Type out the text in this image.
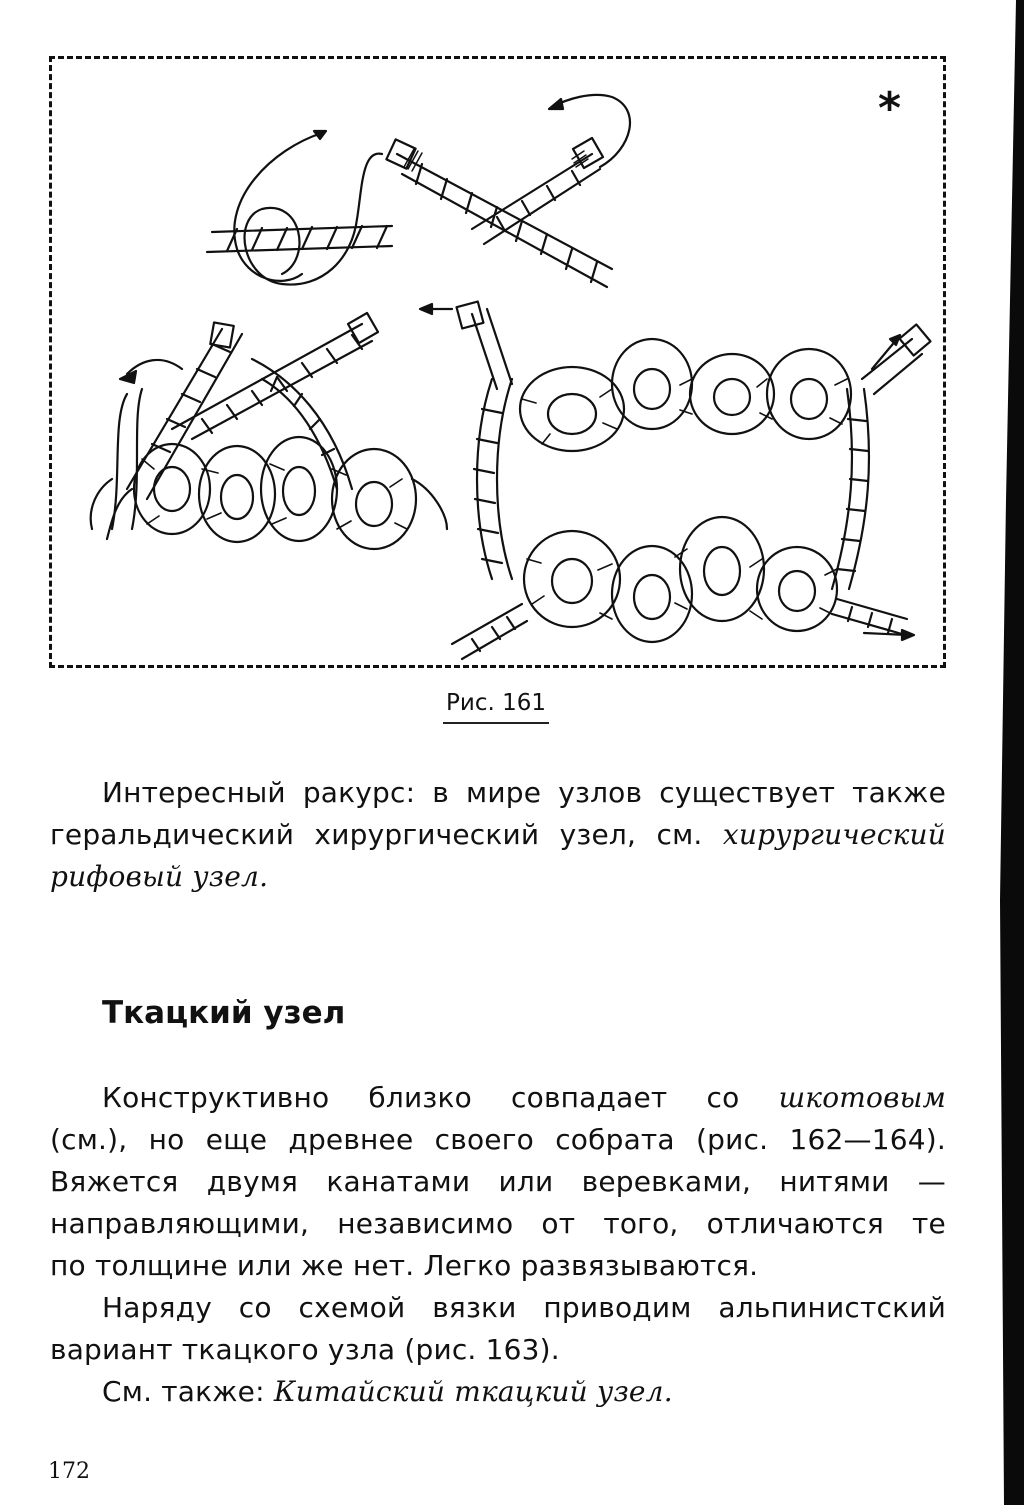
*
Рис. 161
Интересный ракурс: в мире узлов существует также
геральдический хирургический узел, см. хирургический
рифовый узел.
Ткацкий узел
Конструктивно близко совпадает со шкотовым
(см.), но еще древнее своего собрата (рис. 162—164).
Вяжется двумя канатами или веревками, нитями —
направляющими, независимо от того, отличаются те
по толщине или же нет. Легко развязываются.
Наряду со схемой вязки приводим альпинистский
вариант ткацкого узла (рис. 163).
См. также: Китайский ткацкий узел.
172
